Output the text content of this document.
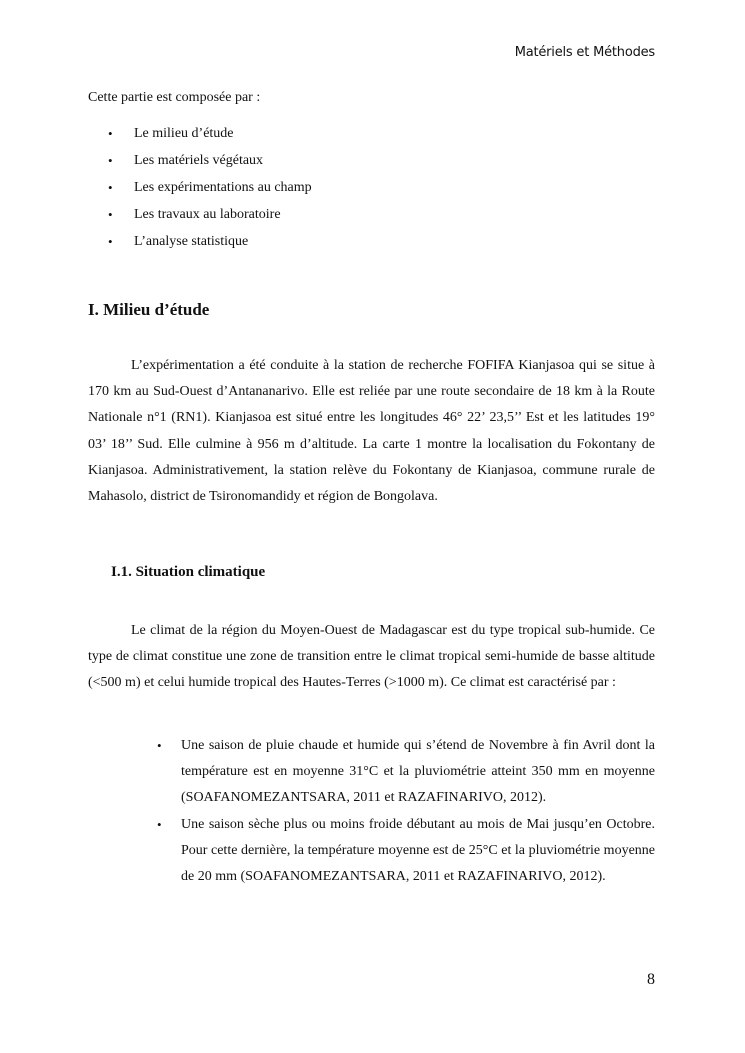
Matériels et Méthodes
Cette partie est composée par :
• Le milieu d’étude
• Les matériels végétaux
• Les expérimentations au champ
• Les travaux au laboratoire
• L’analyse statistique
I. Milieu d’étude

L’expérimentation a été conduite à la station de recherche FOFIFA Kianjasoa qui se situe à 170 km au Sud-Ouest d’Antananarivo. Elle est reliée par une route secondaire de 18 km à la Route Nationale n°1 (RN1). Kianjasoa est situé entre les longitudes 46° 22’ 23,5’’ Est et les latitudes 19° 03’ 18’’ Sud. Elle culmine à 956 m d’altitude. La carte 1 montre la localisation du Fokontany de Kianjasoa. Administrativement, la station relève du Fokontany de Kianjasoa, commune rurale de Mahasolo, district de Tsironomandidy et région de Bongolava.

I.1. Situation climatique

Le climat de la région du Moyen-Ouest de Madagascar est du type tropical sub-humide. Ce type de climat constitue une zone de transition entre le climat tropical semi-humide de basse altitude (<500 m) et celui humide tropical des Hautes-Terres (>1000 m). Ce climat est caractérisé par :

• Une saison de pluie chaude et humide qui s’étend de Novembre à fin Avril dont la température est en moyenne 31°C et la pluviométrie atteint 350 mm en moyenne (SOAFANOMEZANTSARA, 2011 et RAZAFINARIVO, 2012).
• Une saison sèche plus ou moins froide débutant au mois de Mai jusqu’en Octobre. Pour cette dernière, la température moyenne est de 25°C et la pluviométrie moyenne de 20 mm (SOAFANOMEZANTSARA, 2011 et RAZAFINARIVO, 2012).
8
